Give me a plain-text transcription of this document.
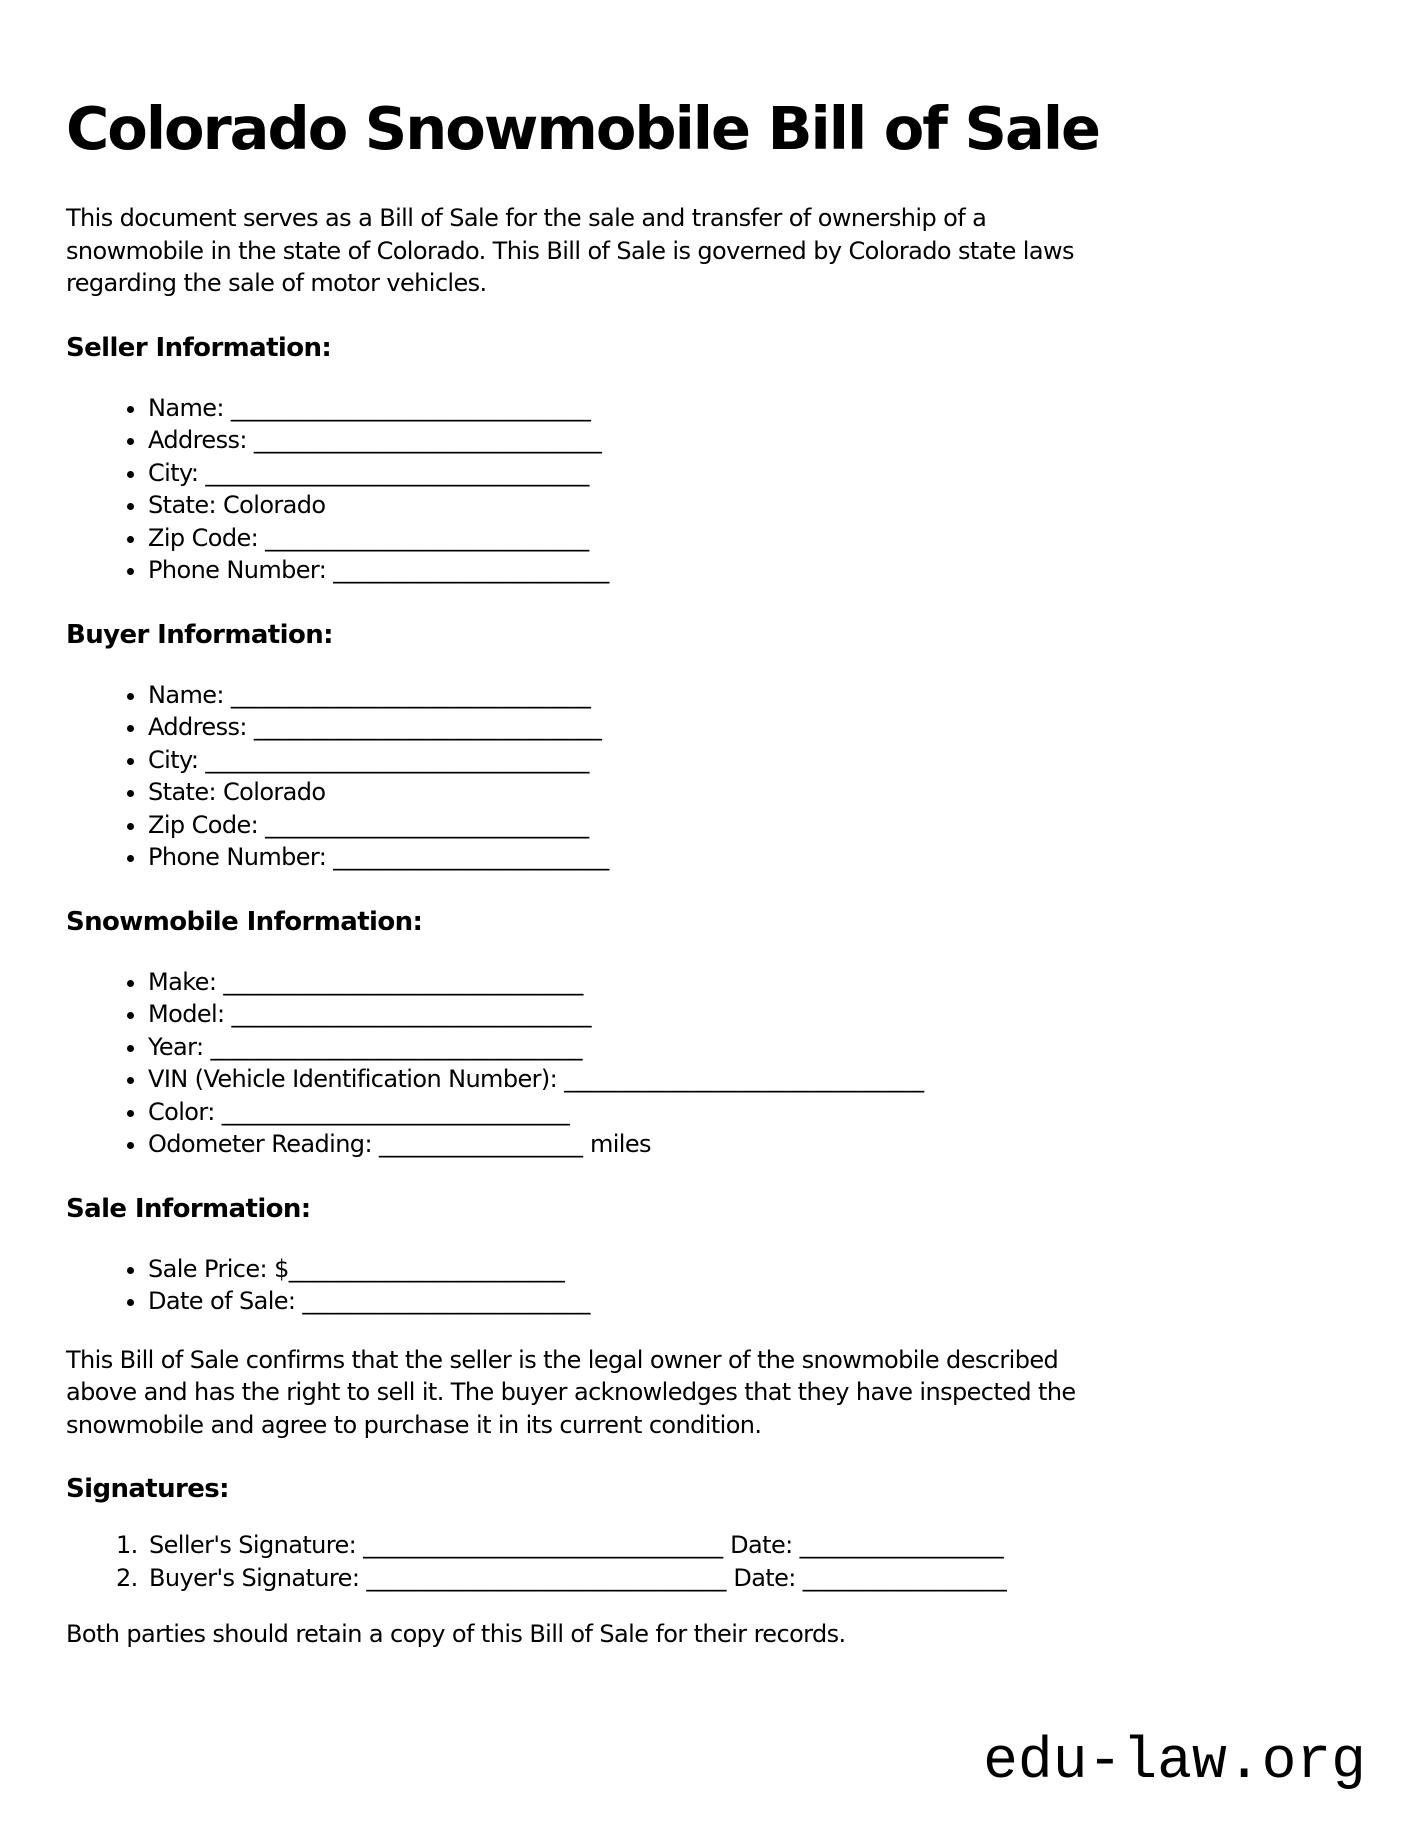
Colorado Snowmobile Bill of Sale

This document serves as a Bill of Sale for the sale and transfer of ownership of a
snowmobile in the state of Colorado. This Bill of Sale is governed by Colorado state laws
regarding the sale of motor vehicles.

Seller Information:
• Name: ______________________________
• Address: _____________________________
• City: ________________________________
• State: Colorado
• Zip Code: ___________________________
• Phone Number: _______________________
Buyer Information:
• Name: ______________________________
• Address: _____________________________
• City: ________________________________
• State: Colorado
• Zip Code: ___________________________
• Phone Number: _______________________
Snowmobile Information:
• Make: ______________________________
• Model: ______________________________
• Year: _______________________________
• VIN (Vehicle Identification Number): ______________________________
• Color: _____________________________
• Odometer Reading: _________________ miles
Sale Information:
• Sale Price: $_______________________
• Date of Sale: ________________________

This Bill of Sale confirms that the seller is the legal owner of the snowmobile described
above and has the right to sell it. The buyer acknowledges that they have inspected the
snowmobile and agree to purchase it in its current condition.

Signatures:
1. Seller's Signature: ______________________________ Date: _________________
2. Buyer's Signature: ______________________________ Date: _________________

Both parties should retain a copy of this Bill of Sale for their records.

edu-law.org
